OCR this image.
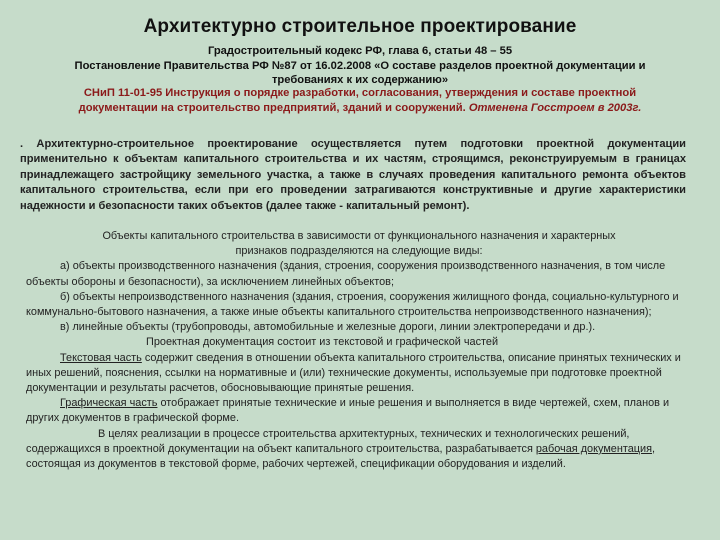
Архитектурно строительное проектирование
Градостроительный кодекс РФ, глава 6, статьи 48 – 55
Постановление Правительства РФ №87 от 16.02.2008 «О составе разделов проектной документации и
требованиях к их содержанию»
СНиП 11-01-95 Инструкция о порядке разработки, согласования, утверждения и составе проектной
документации на строительство предприятий, зданий и сооружений. Отменена Госстроем в 2003г.

. Архитектурно-строительное проектирование осуществляется путем подготовки проектной документации применительно к объектам капитального строительства и их частям, строящимся, реконструируемым в границах принадлежащего застройщику земельного участка, а также в случаях проведения капитального ремонта объектов капитального строительства, если при его проведении затрагиваются конструктивные и другие характеристики надежности и безопасности таких объектов (далее также - капитальный ремонт).

Объекты капитального строительства в зависимости от функционального назначения и характерных
признаков подразделяются на следующие виды:

а) объекты производственного назначения (здания, строения, сооружения производственного назначения, в том числе объекты обороны и безопасности), за исключением линейных объектов;

б) объекты непроизводственного назначения (здания, строения, сооружения жилищного фонда, социально-культурного и коммунально-бытового назначения, а также иные объекты капитального строительства непроизводственного назначения);

в) линейные объекты (трубопроводы, автомобильные и железные дороги, линии электропередачи и др.).

Проектная документация состоит из текстовой и графической частей

Текстовая часть содержит сведения в отношении объекта капитального строительства, описание принятых технических и иных решений, пояснения, ссылки на нормативные и (или) технические документы, используемые при подготовке проектной документации и результаты расчетов, обосновывающие принятые решения.

Графическая часть отображает принятые технические и иные решения и выполняется в виде чертежей, схем, планов и других документов в графической форме.

В целях реализации в процессе строительства архитектурных, технических и технологических решений, содержащихся в проектной документации на объект капитального строительства, разрабатывается рабочая документация, состоящая из документов в текстовой форме, рабочих чертежей, спецификации оборудования и изделий.
